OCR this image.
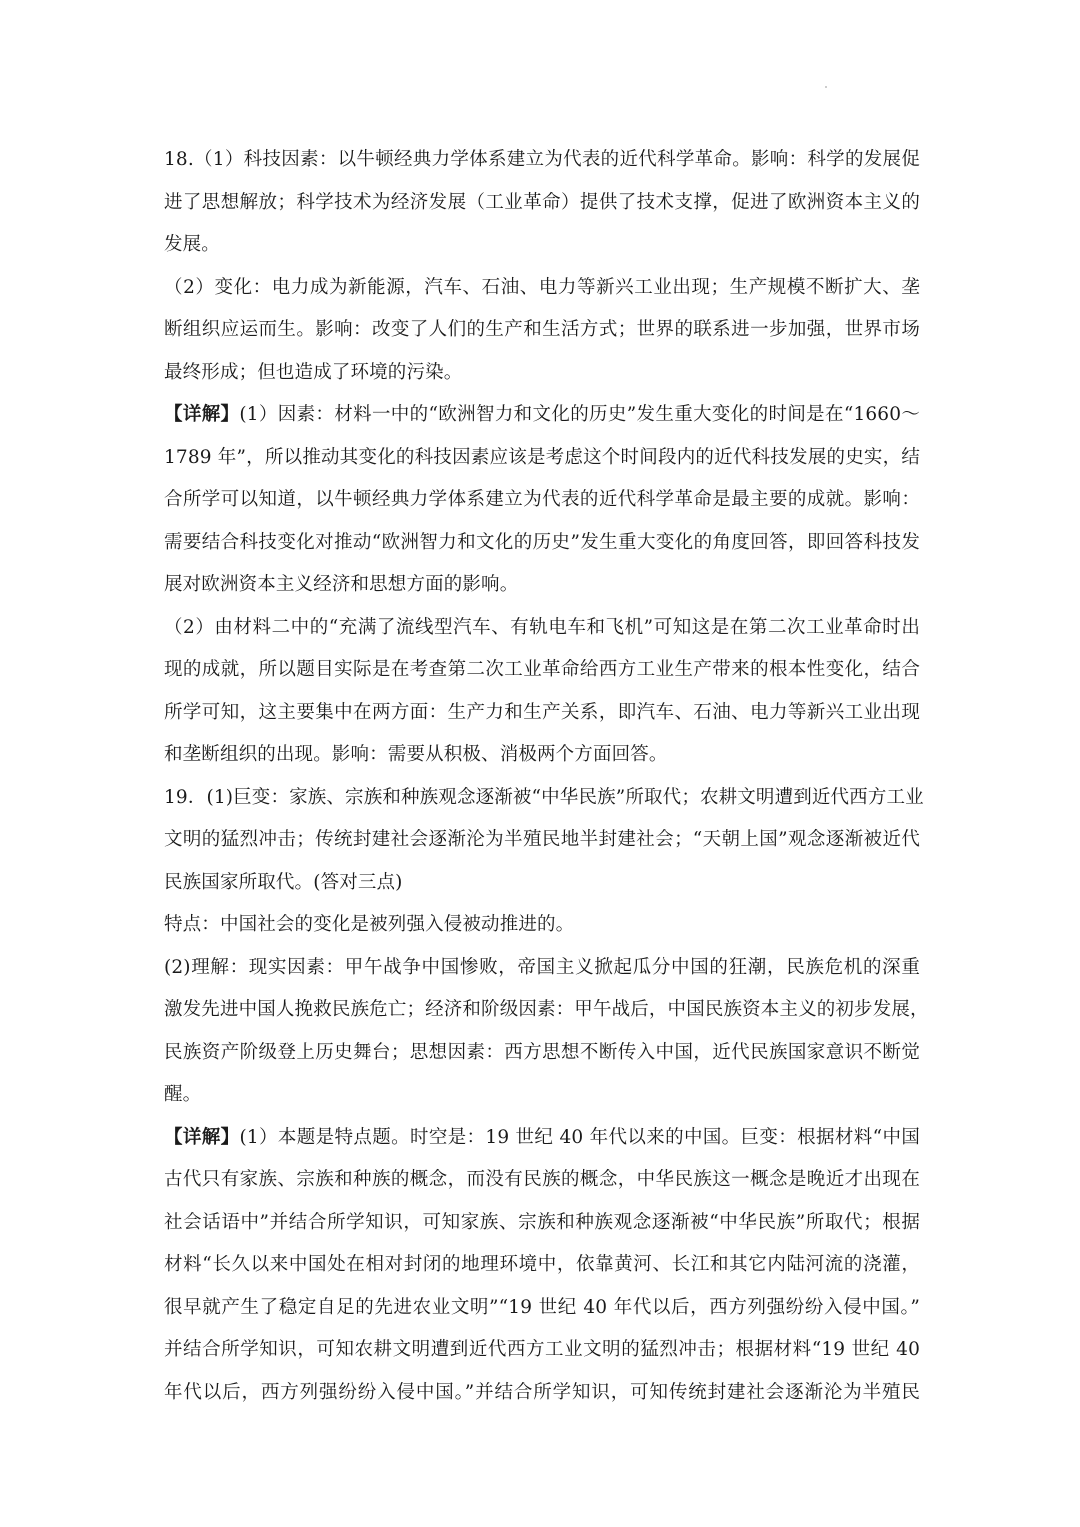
18.（1）科技因素：以牛顿经典力学体系建立为代表的近代科学革命。影响：科学的发展促
进了思想解放；科学技术为经济发展（工业革命）提供了技术支撑，促进了欧洲资本主义的
发展。
（2）变化：电力成为新能源，汽车、石油、电力等新兴工业出现；生产规模不断扩大、垄
断组织应运而生。影响：改变了人们的生产和生活方式；世界的联系进一步加强，世界市场
最终形成；但也造成了环境的污染。
【详解】(1）因素：材料一中的“欧洲智力和文化的历史”发生重大变化的时间是在“1660～
1789 年”，所以推动其变化的科技因素应该是考虑这个时间段内的近代科技发展的史实，结
合所学可以知道，以牛顿经典力学体系建立为代表的近代科学革命是最主要的成就。影响：
需要结合科技变化对推动“欧洲智力和文化的历史”发生重大变化的角度回答，即回答科技发
展对欧洲资本主义经济和思想方面的影响。
（2）由材料二中的“充满了流线型汽车、有轨电车和飞机”可知这是在第二次工业革命时出
现的成就，所以题目实际是在考查第二次工业革命给西方工业生产带来的根本性变化，结合
所学可知，这主要集中在两方面：生产力和生产关系，即汽车、石油、电力等新兴工业出现
和垄断组织的出现。影响：需要从积极、消极两个方面回答。
19．(1)巨变：家族、宗族和种族观念逐渐被“中华民族”所取代；农耕文明遭到近代西方工业
文明的猛烈冲击；传统封建社会逐渐沦为半殖民地半封建社会；“天朝上国”观念逐渐被近代
民族国家所取代。(答对三点)
特点：中国社会的变化是被列强入侵被动推进的。
(2)理解：现实因素：甲午战争中国惨败，帝国主义掀起瓜分中国的狂潮，民族危机的深重
激发先进中国人挽救民族危亡；经济和阶级因素：甲午战后，中国民族资本主义的初步发展，
民族资产阶级登上历史舞台；思想因素：西方思想不断传入中国，近代民族国家意识不断觉
醒。
【详解】(1）本题是特点题。时空是：19 世纪 40 年代以来的中国。巨变：根据材料“中国
古代只有家族、宗族和种族的概念，而没有民族的概念，中华民族这一概念是晚近才出现在
社会话语中”并结合所学知识，可知家族、宗族和种族观念逐渐被“中华民族”所取代；根据
材料“长久以来中国处在相对封闭的地理环境中，依靠黄河、长江和其它内陆河流的浇灌，
很早就产生了稳定自足的先进农业文明”“19 世纪 40 年代以后，西方列强纷纷入侵中国。”
并结合所学知识，可知农耕文明遭到近代西方工业文明的猛烈冲击；根据材料“19 世纪 40
年代以后，西方列强纷纷入侵中国。”并结合所学知识，可知传统封建社会逐渐沦为半殖民
